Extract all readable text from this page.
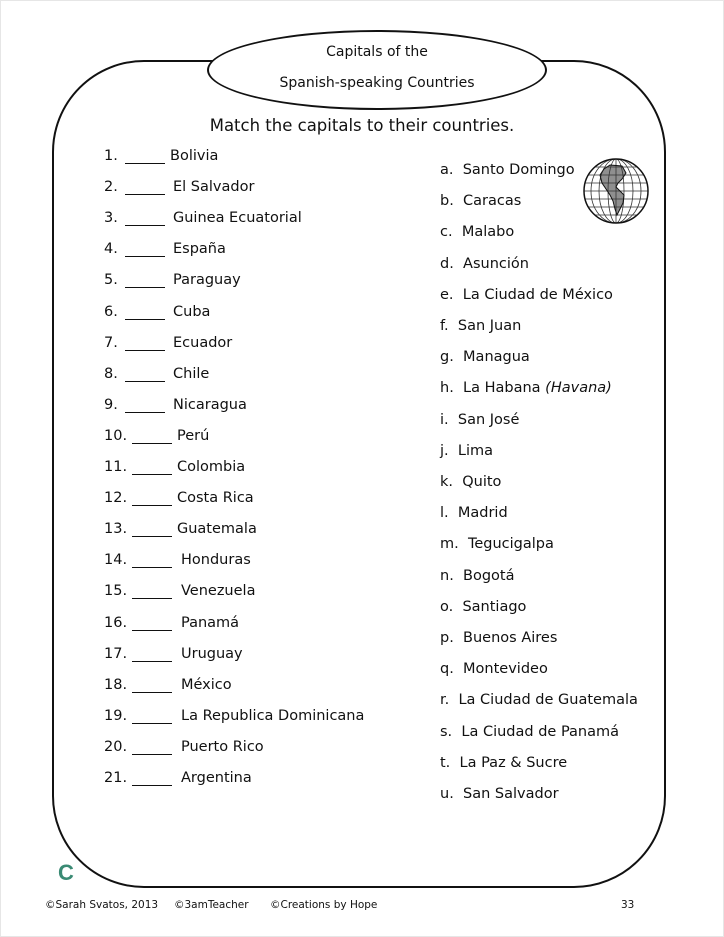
Capitals of the
Spanish-speaking Countries
Match the capitals to their countries.
1.	Bolivia
2.	El Salvador
3.	Guinea Ecuatorial
4.	España
5.	Paraguay
6.	Cuba
7.	Ecuador
8.	Chile
9.	Nicaragua
10.	Perú
11.	Colombia
12.	Costa Rica
13.	Guatemala
14.	Honduras
15.	Venezuela
16.	Panamá
17.	Uruguay
18.	México
19.	La Republica Dominicana
20.	Puerto Rico
21.	Argentina
a. Santo Domingo
b. Caracas
c. Malabo
d. Asunción
e. La Ciudad de México
f. San Juan
g. Managua
h. La Habana (Havana)
i. San José
j. Lima
k. Quito
l. Madrid
m. Tegucigalpa
n. Bogotá
o. Santiago
p. Buenos Aires
q. Montevideo
r. La Ciudad de Guatemala
s. La Ciudad de Panamá
t. La Paz & Sucre
u. San Salvador
C
©Sarah Svatos, 2013 ©3amTeacher ©Creations by Hope	33
